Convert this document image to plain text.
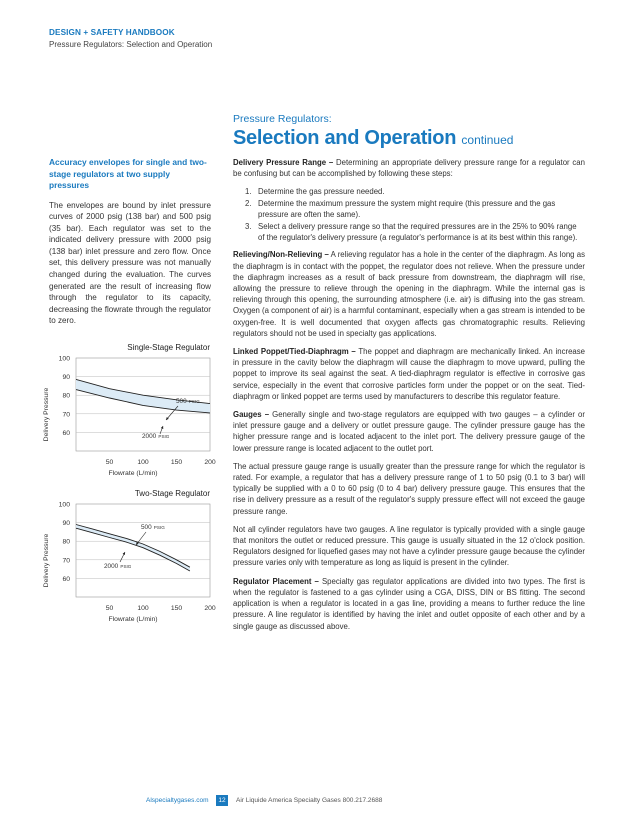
DESIGN + SAFETY HANDBOOK
Pressure Regulators: Selection and Operation
Pressure Regulators:
Selection and Operation continued
Accuracy envelopes for single and two-stage regulators at two supply pressures
The envelopes are bound by inlet pressure curves of 2000 psig (138 bar) and 500 psig (35 bar). Each regulator was set to the indicated delivery pressure with 2000 psig (138 bar) inlet pressure and zero flow. Once set, this delivery pressure was not manually changed during the evaluation. The curves generated are the result of increasing flow through the regulator to its capacity, decreasing the flowrate through the regulator to zero.
Single-Stage Regulator
60
70
80
90
100
50	100	150	200
Flowrate (L/min)
Delivery Pressure	500 PSIG
2000 PSIG
Two-Stage Regulator
60
70
80
90
100
50	100	150	200
Flowrate (L/min)
Delivery Pressure
500 PSIG
2000 PSIG

Delivery Pressure Range – Determining an appropriate delivery pressure range for a regulator can be confusing but can be accomplished by following these steps:

1. Determine the gas pressure needed.
2. Determine the maximum pressure the system might require (this pressure and the gas pressure are often the same).
3. Select a delivery pressure range so that the required pressures are in the 25% to 90% range of the regulator's delivery pressure (a regulator's performance is at its best within this range).

Relieving/Non-Relieving – A relieving regulator has a hole in the center of the diaphragm. As long as the diaphragm is in contact with the poppet, the regulator does not relieve. When the pressure under the diaphragm increases as a result of back pressure from downstream, the diaphragm will rise, allowing the pressure to relieve through the opening in the diaphragm. While the internal gas is relieving through this opening, the surrounding atmosphere (i.e. air) is diffusing into the gas stream. Oxygen (a component of air) is a harmful contaminant, especially when a gas stream is intended to be oxygen-free. It is well documented that oxygen affects gas chromatographic results. Relieving regulators should not be used in specialty gas applications.

Linked Poppet/Tied-Diaphragm – The poppet and diaphragm are mechanically linked. An increase in pressure in the cavity below the diaphragm will cause the diaphragm to move upward, pulling the poppet to improve its seal against the seat. A tied-diaphragm regulator is effective in corrosive gas service, especially in the event that corrosive particles form under the poppet or on the seat. Tied-diaphragm or linked poppet are terms used by manufacturers to describe this regulator feature.

Gauges – Generally single and two-stage regulators are equipped with two gauges – a cylinder or inlet pressure gauge and a delivery or outlet pressure gauge. The cylinder pressure gauge has the higher pressure range and is located adjacent to the inlet port. The delivery pressure gauge of the lower pressure range is located adjacent to the outlet port.

The actual pressure gauge range is usually greater than the pressure range for which the regulator is rated. For example, a regulator that has a delivery pressure range of 1 to 50 psig (0.1 to 3 bar) will typically be supplied with a 0 to 60 psig (0 to 4 bar) delivery pressure gauge. This ensures that the rise in delivery pressure as a result of the regulator's supply pressure effect will not exceed the gauge pressure range.

Not all cylinder regulators have two gauges. A line regulator is typically provided with a single gauge that monitors the outlet or reduced pressure. This gauge is usually situated in the 12 o'clock position. Regulators designed for liquefied gases may not have a cylinder pressure gauge because the cylinder pressure varies only with temperature as long as liquid is present in the cylinder.

Regulator Placement – Specialty gas regulator applications are divided into two types. The first is when the regulator is fastened to a gas cylinder using a CGA, DISS, DIN or BS fitting. The second application is when a regulator is located in a gas line, providing a means to further reduce the line pressure. A line regulator is identified by having the inlet and outlet opposite of each other and by a single gauge as discussed above.

Alspecialtygases.com	12	Air Liquide America Specialty Gases 800.217.2688
